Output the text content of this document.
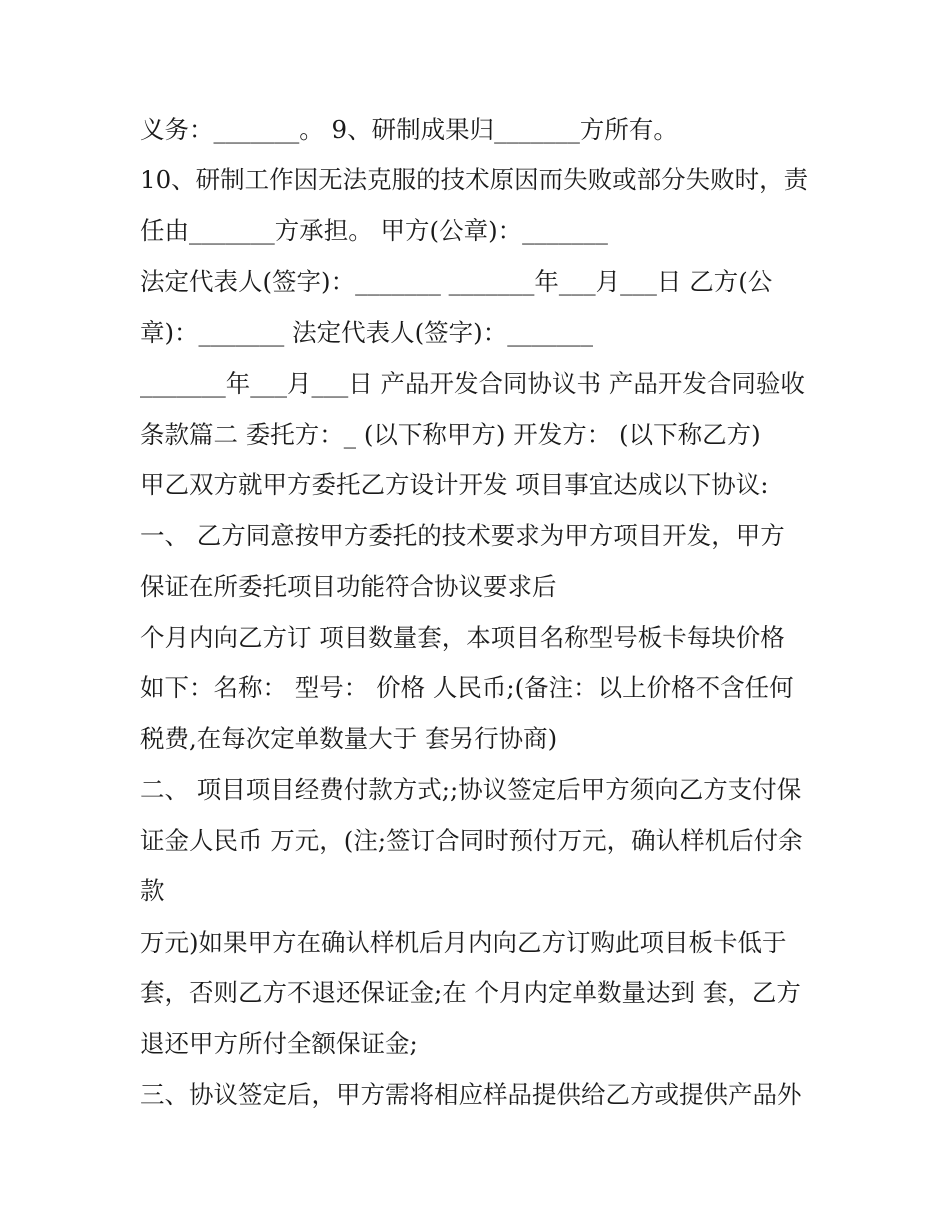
义务：_______。 9、研制成果归_______方所有。
10、研制工作因无法克服的技术原因而失败或部分失败时，责
任由_______方承担。 甲方(公章)：_______
法定代表人(签字)：_______ _______年___月___日 乙方(公
章)：_______ 法定代表人(签字)：_______
_______年___月___日 产品开发合同协议书 产品开发合同验收
条款篇二 委托方：_ (以下称甲方) 开发方： (以下称乙方)
甲乙双方就甲方委托乙方设计开发 项目事宜达成以下协议:
一、 乙方同意按甲方委托的技术要求为甲方项目开发，甲方
保证在所委托项目功能符合协议要求后
个月内向乙方订 项目数量套，本项目名称型号板卡每块价格
如下：名称： 型号： 价格 人民币;(备注：以上价格不含任何
税费,在每次定单数量大于 套另行协商)
二、 项目项目经费付款方式;;协议签定后甲方须向乙方支付保
证金人民币 万元，(注;签订合同时预付万元，确认样机后付余
款
万元)如果甲方在确认样机后月内向乙方订购此项目板卡低于
套，否则乙方不退还保证金;在 个月内定单数量达到 套，乙方
退还甲方所付全额保证金;
三、协议签定后，甲方需将相应样品提供给乙方或提供产品外
